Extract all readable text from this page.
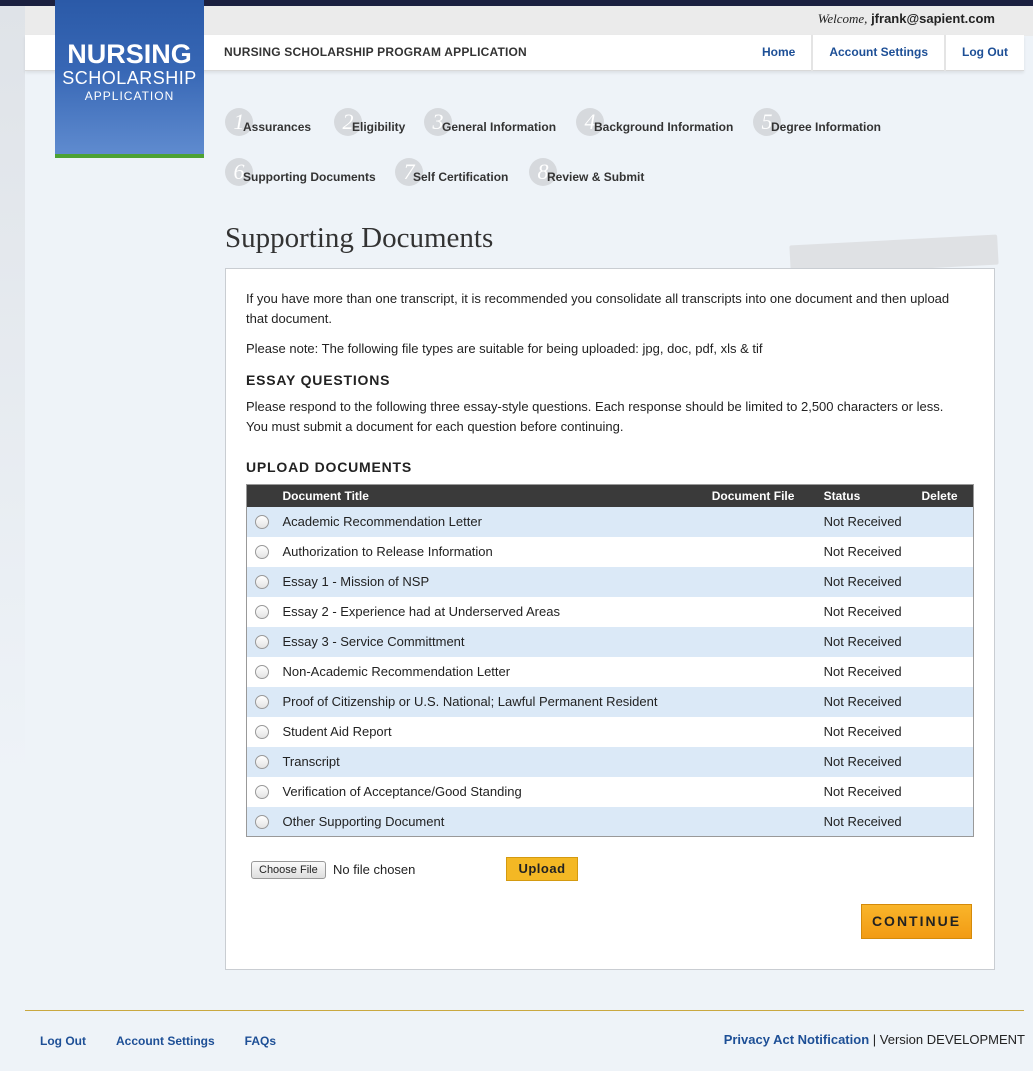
Welcome, jfrank@sapient.com
NURSING SCHOLARSHIP PROGRAM APPLICATION	Home	Account Settings	Log Out
NURSING
SCHOLARSHIP
APPLICATION
1
Assurances	2
Eligibility	3
General Information	4
Background Information	5
Degree Information
6
Supporting Documents	7
Self Certification	8
Review & Submit
Supporting Documents
If you have more than one transcript, it is recommended you consolidate all transcripts into one document and then upload that document.
Please note: The following file types are suitable for being uploaded: jpg, doc, pdf, xls & tif
ESSAY QUESTIONS
Please respond to the following three essay-style questions. Each response should be limited to 2,500 characters or less. You must submit a document for each question before continuing.
UPLOAD DOCUMENTS
	Document Title	Document File	Status	Delete
	Academic Recommendation Letter		Not Received	
	Authorization to Release Information		Not Received	
	Essay 1 - Mission of NSP		Not Received	
	Essay 2 - Experience had at Underserved Areas		Not Received	
	Essay 3 - Service Committment		Not Received	
	Non-Academic Recommendation Letter		Not Received	
	Proof of Citizenship or U.S. National; Lawful Permanent Resident		Not Received	
	Student Aid Report		Not Received	
	Transcript		Not Received	
	Verification of Acceptance/Good Standing		Not Received	
	Other Supporting Document		Not Received	
Choose File	No file chosen	Upload
CONTINUE
Log Out	Account Settings	FAQs	Privacy Act Notification | Version DEVELOPMENT
